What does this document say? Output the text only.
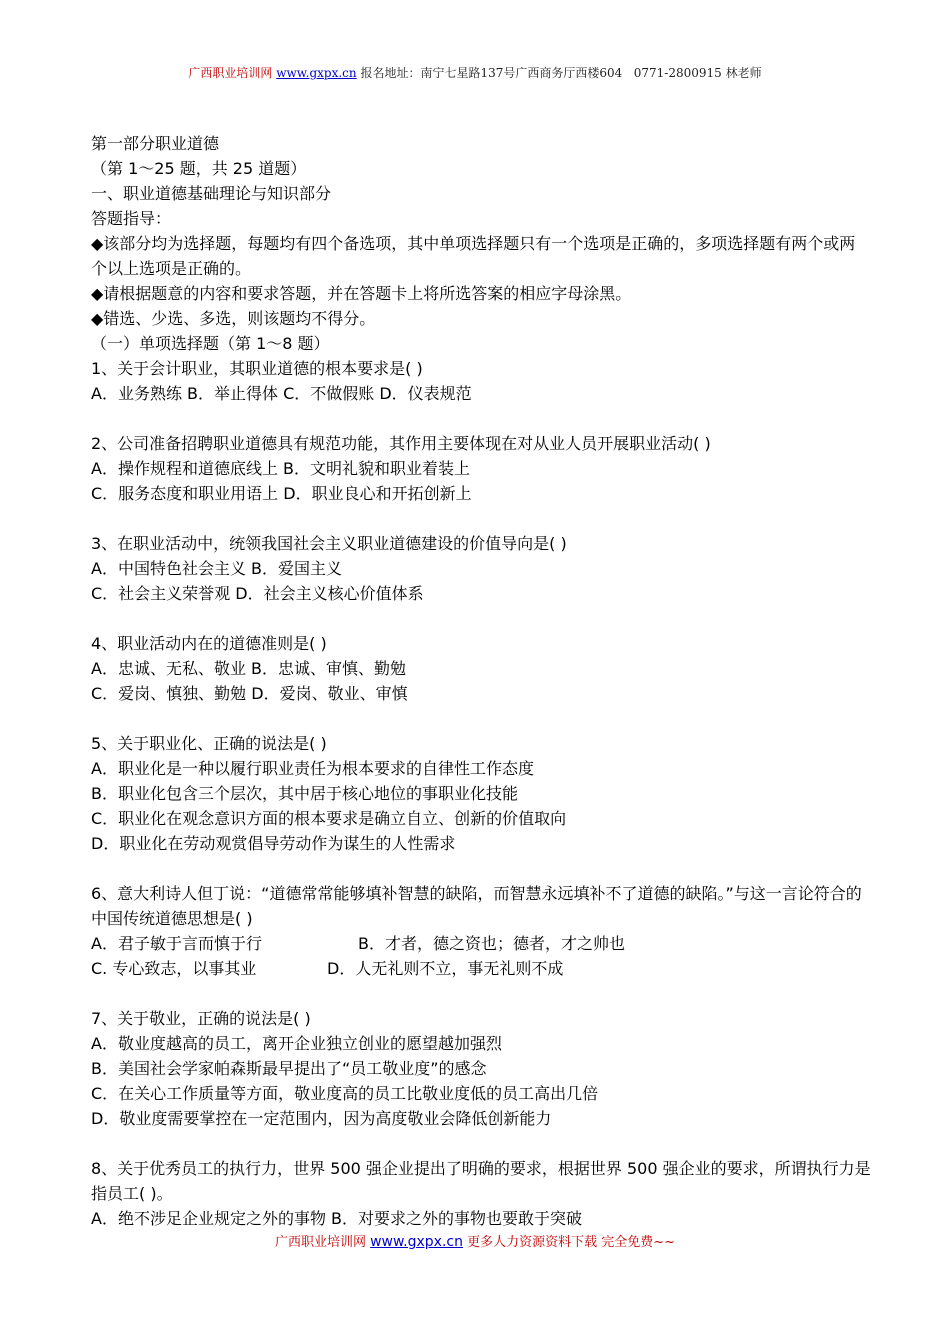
广西职业培训网 www.gxpx.cn 报名地址：南宁七星路137号广西商务厅西楼604 0771-2800915 林老师
第一部分职业道德
（第 1～25 题，共 25 道题）
一、职业道德基础理论与知识部分
答题指导：
◆该部分均为选择题，每题均有四个备选项，其中单项选择题只有一个选项是正确的，多项选择题有两个或两个以上选项是正确的。
◆请根据题意的内容和要求答题，并在答题卡上将所选答案的相应字母涂黑。
◆错选、少选、多选，则该题均不得分。
（一）单项选择题（第 1～8 题）
1、关于会计职业，其职业道德的根本要求是( )
A．业务熟练 B．举止得体 C．不做假账 D．仪表规范
2、公司准备招聘职业道德具有规范功能，其作用主要体现在对从业人员开展职业活动( )
A．操作规程和道德底线上 B．文明礼貌和职业着装上
C．服务态度和职业用语上 D．职业良心和开拓创新上
3、在职业活动中，统领我国社会主义职业道德建设的价值导向是( )
A．中国特色社会主义 B．爱国主义
C．社会主义荣誉观 D．社会主义核心价值体系
4、职业活动内在的道德准则是( )
A．忠诚、无私、敬业 B．忠诚、审慎、勤勉
C．爱岗、慎独、勤勉 D．爱岗、敬业、审慎
5、关于职业化、正确的说法是( )
A．职业化是一种以履行职业责任为根本要求的自律性工作态度
B．职业化包含三个层次，其中居于核心地位的事职业化技能
C．职业化在观念意识方面的根本要求是确立自立、创新的价值取向
D．职业化在劳动观赏倡导劳动作为谋生的人性需求
6、意大利诗人但丁说：“道德常常能够填补智慧的缺陷，而智慧永远填补不了道德的缺陷。”与这一言论符合的中国传统道德思想是( )
A．君子敏于言而慎于行	B．才者，德之资也；德者，才之帅也
C. 专心致志，以事其业	D．人无礼则不立，事无礼则不成
7、关于敬业，正确的说法是( )
A．敬业度越高的员工，离开企业独立创业的愿望越加强烈
B．美国社会学家帕森斯最早提出了“员工敬业度”的感念
C．在关心工作质量等方面，敬业度高的员工比敬业度低的员工高出几倍
D．敬业度需要掌控在一定范围内，因为高度敬业会降低创新能力
8、关于优秀员工的执行力，世界 500 强企业提出了明确的要求，根据世界 500 强企业的要求，所谓执行力是指员工( )。
A．绝不涉足企业规定之外的事物 B．对要求之外的事物也要敢于突破
广西职业培训网 www.gxpx.cn 更多人力资源资料下载 完全免费~~
